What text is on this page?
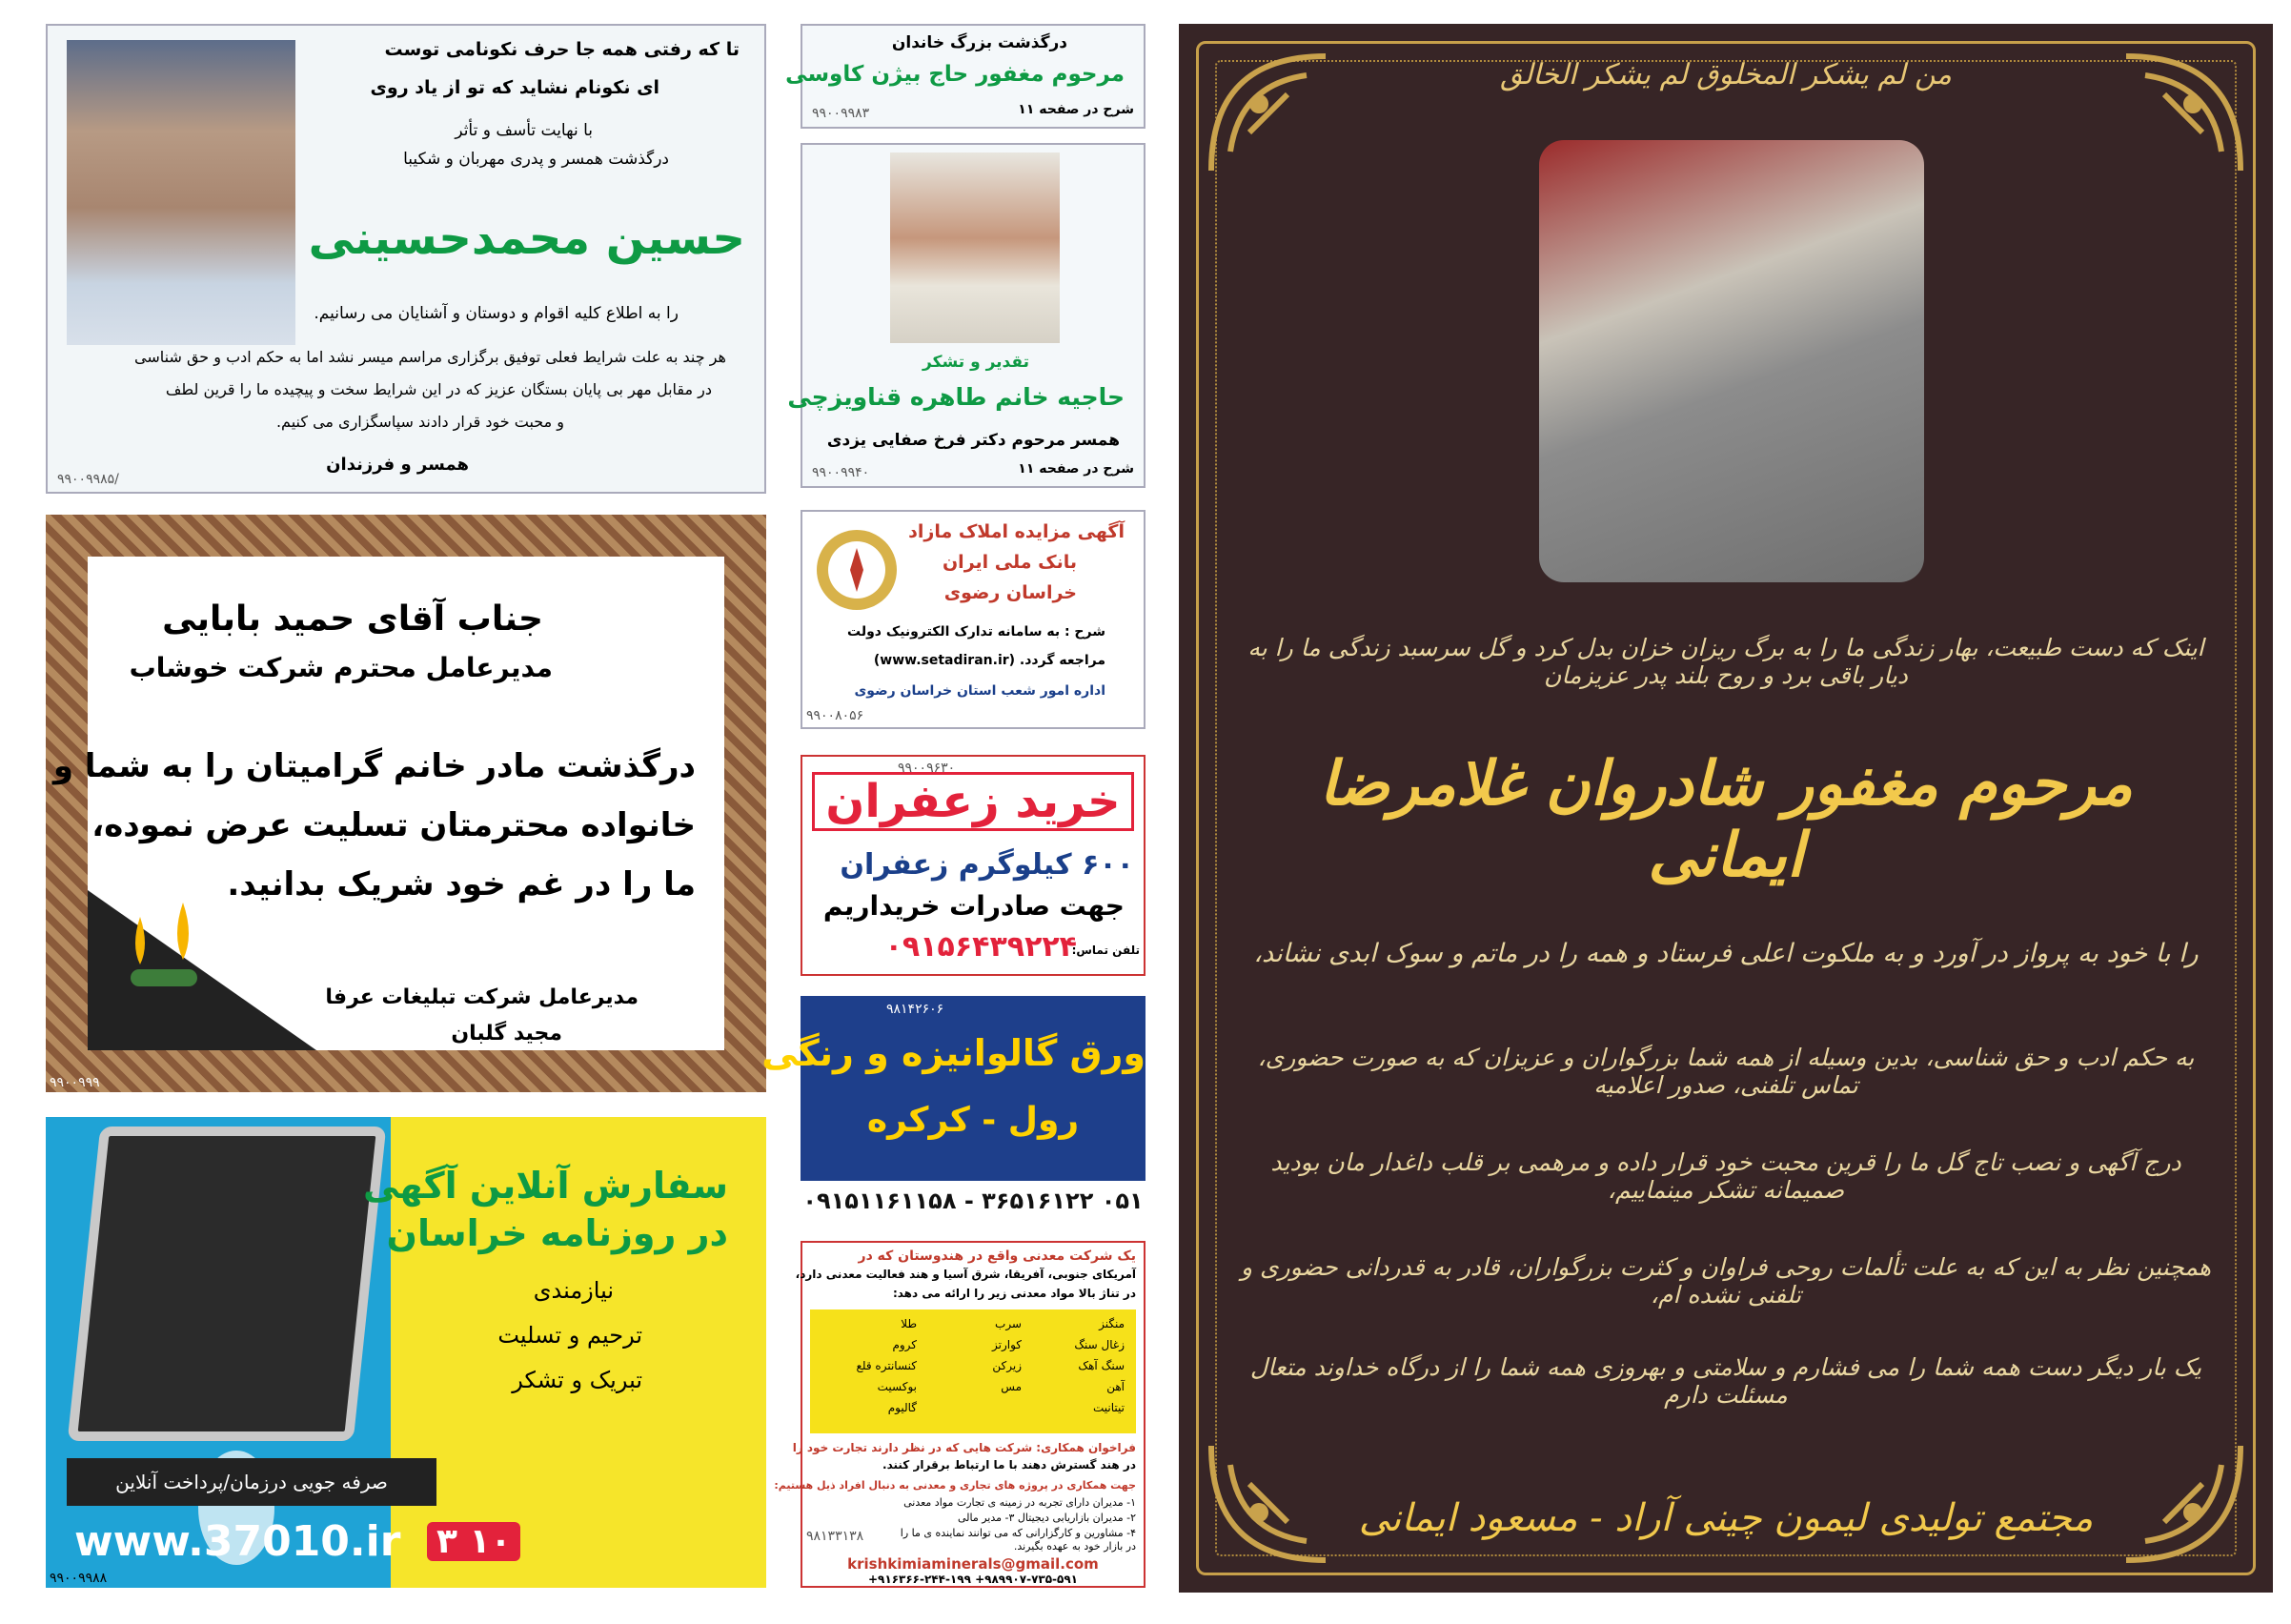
من لم یشکر المخلوق لم یشکر الخالق
اینک که دست طبیعت، بهار زندگی ما را به برگ ریزان خزان بدل کرد و گل سرسبد زندگی ما را به دیار باقی برد و روح بلند پدر عزیزمان
مرحوم مغفور شادروان غلامرضا ایمانی
را با خود به پرواز در آورد و به ملکوت اعلی فرستاد و همه را در ماتم و سوک ابدی نشاند،
به حکم ادب و حق شناسی، بدین وسیله از همه شما بزرگواران و عزیزان که به صورت حضوری، تماس تلفنی، صدور اعلامیه
درج آگهی و نصب تاج گل ما را قرین محبت خود قرار داده و مرهمی بر قلب داغدار مان بودید صمیمانه تشکر مینماییم،
همچنین نظر به این که به علت تألمات روحی فراوان و کثرت بزرگواران، قادر به قدردانی حضوری و تلفنی نشده ام،
یک بار دیگر دست همه شما را می فشارم و سلامتی و بهروزی همه شما را از درگاه خداوند متعال مسئلت دارم
مجتمع تولیدی لیمون چینی آراد - مسعود ایمانی
تا که رفتی همه جا حرف نکونامی توست
ای نکونام نشاید که تو از یاد روی
با نهایت تأسف و تأثر
درگذشت همسر و پدری مهربان و شکیبا
حسین محمدحسینی
را به اطلاع کلیه اقوام و دوستان و آشنایان می رسانیم.
هر چند به علت شرایط فعلی توفیق برگزاری مراسم میسر نشد اما به حکم ادب و حق شناسی
در مقابل مهر بی پایان بستگان عزیز که در این شرایط سخت و پیچیده ما را قرین لطف
و محبت خود قرار دادند سپاسگزاری می کنیم.
همسر و فرزندان
۹۹۰۰۹۹۸۵/
جناب آقای حمید بابایی
مدیرعامل محترم شرکت خوشاب
درگذشت مادر خانم گرامیتان را به شما و
خانواده محترمتان تسلیت عرض نموده،
ما را در غم خود شریک بدانید.
مدیرعامل شرکت تبلیغات عرفا
مجید گلبان
۹۹۰۰۹۹۹
سفارش آنلاین آگهی
در روزنامه خراسان
نیازمندی
ترحیم و تسلیت
تبریک و تشکر
صرفه جویی درزمان/پرداخت آنلاین
www.37010.ir ۳ ۱۰
۹۹۰۰۹۹۸۸
درگذشت بزرگ خاندان
مرحوم مغفور حاج بیژن کاوسی
شرح در صفحه ۱۱
۹۹۰۰۹۹۸۳
تقدیر و تشکر
حاجیه خانم طاهره قناویزچی
همسر مرحوم دکتر فرخ صفایی یزدی
شرح در صفحه ۱۱
۹۹۰۰۹۹۴۰
آگهی مزایده املاک مازاد
بانک ملی ایران
خراسان رضوی
شرح : به سامانه تدارک الکترونیک دولت
مراجعه گردد. (www.setadiran.ir)
اداره امور شعب استان خراسان رضوی
۹۹۰۰۸۰۵۶
۹۹۰۰۹۶۳۰
خرید زعفران
۶۰۰ کیلوگرم زعفران
جهت صادرات خریداریم
تلفن تماس:
۰۹۱۵۶۴۳۹۲۲۴
۹۸۱۴۲۶۰۶
ورق گالوانیزه و رنگی
رول - کرکره
۰۵۱ ۳۶۵۱۶۱۲۲ - ۰۹۱۵۱۱۶۱۱۵۸
یک شرکت معدنی واقع در هندوستان که در
آمریکای جنوبی، آفریقا، شرق آسیا و هند فعالیت معدنی دارد،
در تناژ بالا مواد معدنی زیر را ارائه می دهد:
منگنز
سرب
طلا
زغال سنگ
کوارتز
کروم
سنگ آهک
زیرکن
کنسانتره قلع
آهن
مس
بوکسیت
تیتانیت
گالیوم
فراخوان همکاری: شرکت هایی که در نظر دارند تجارت خود را
در هند گسترش دهند با ما ارتباط برقرار کنند.
جهت همکاری در پروژه های تجاری و معدنی به دنبال افراد ذیل هستیم:
۱- مدیران دارای تجربه در زمینه ی تجارت مواد معدنی
۲- مدیران بازاریابی دیجیتال ۳- مدیر مالی
۴- مشاورین و کارگزارانی که می توانند نماینده ی ما را
در بازار خود به عهده بگیرند.
۹۸۱۳۳۱۳۸
krishkimiaminerals@gmail.com
+۹۱۶۳۶۶-۲۴۴-۱۹۹ +۹۸۹۹۰۷-۷۳۵-۵۹۱
